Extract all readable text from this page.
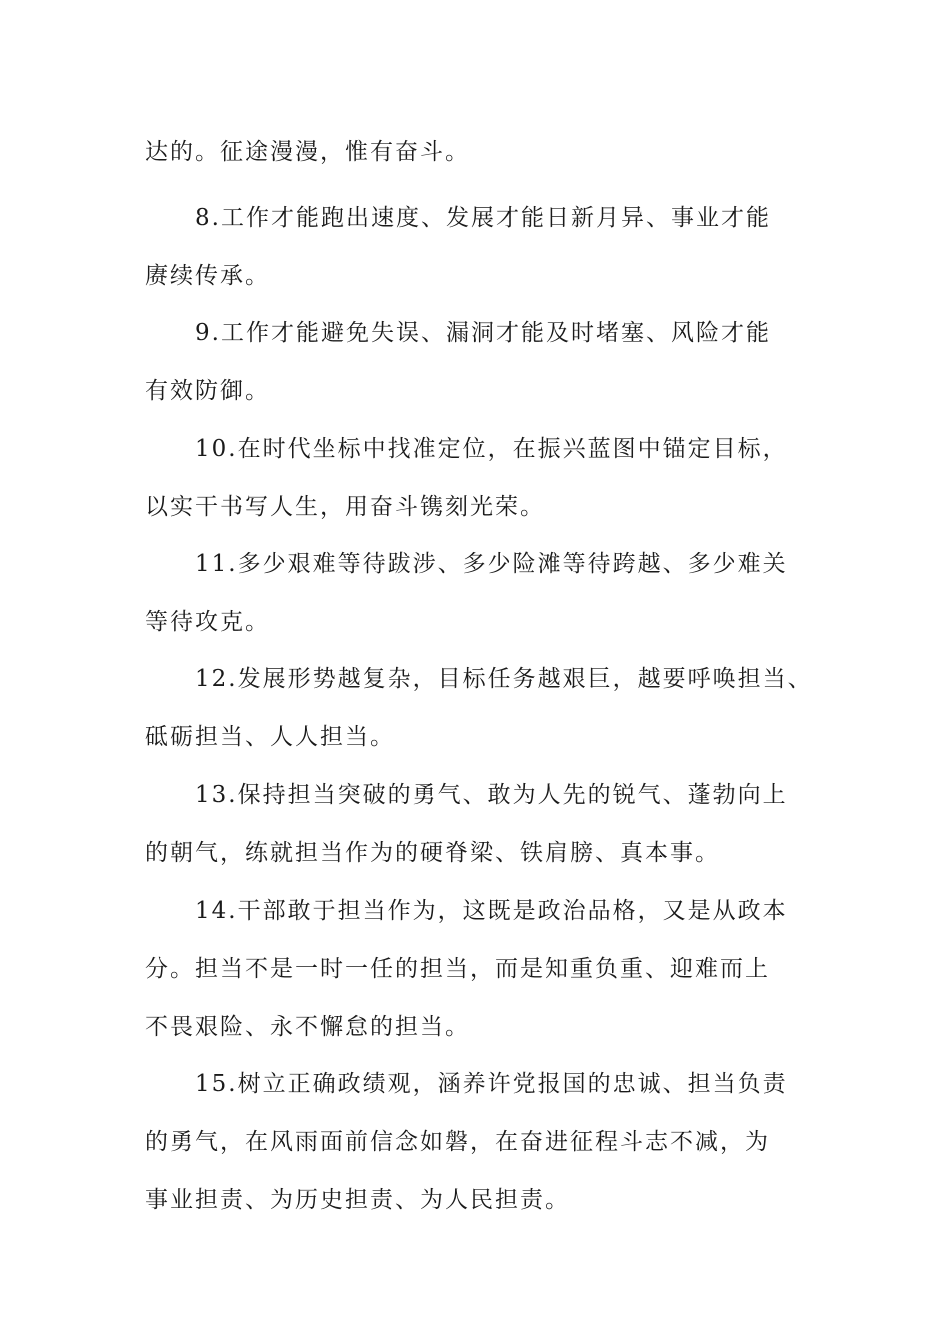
达的。征途漫漫，惟有奋斗。
8.工作才能跑出速度、发展才能日新月异、事业才能
赓续传承。
9.工作才能避免失误、漏洞才能及时堵塞、风险才能
有效防御。
10.在时代坐标中找准定位，在振兴蓝图中锚定目标，
以实干书写人生，用奋斗镌刻光荣。
11.多少艰难等待跋涉、多少险滩等待跨越、多少难关
等待攻克。
12.发展形势越复杂，目标任务越艰巨，越要呼唤担当、
砥砺担当、人人担当。
13.保持担当突破的勇气、敢为人先的锐气、蓬勃向上
的朝气，练就担当作为的硬脊梁、铁肩膀、真本事。
14.干部敢于担当作为，这既是政治品格，又是从政本
分。担当不是一时一任的担当，而是知重负重、迎难而上
不畏艰险、永不懈怠的担当。
15.树立正确政绩观，涵养许党报国的忠诚、担当负责
的勇气，在风雨面前信念如磐，在奋进征程斗志不减，为
事业担责、为历史担责、为人民担责。
